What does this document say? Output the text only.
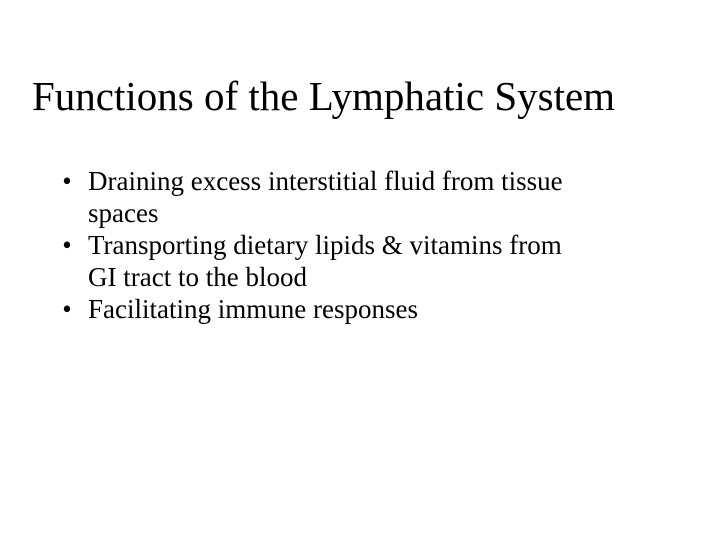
Functions of the Lymphatic System
• Draining excess interstitial fluid from tissue
spaces
• Transporting dietary lipids & vitamins from
GI tract to the blood
• Facilitating immune responses
